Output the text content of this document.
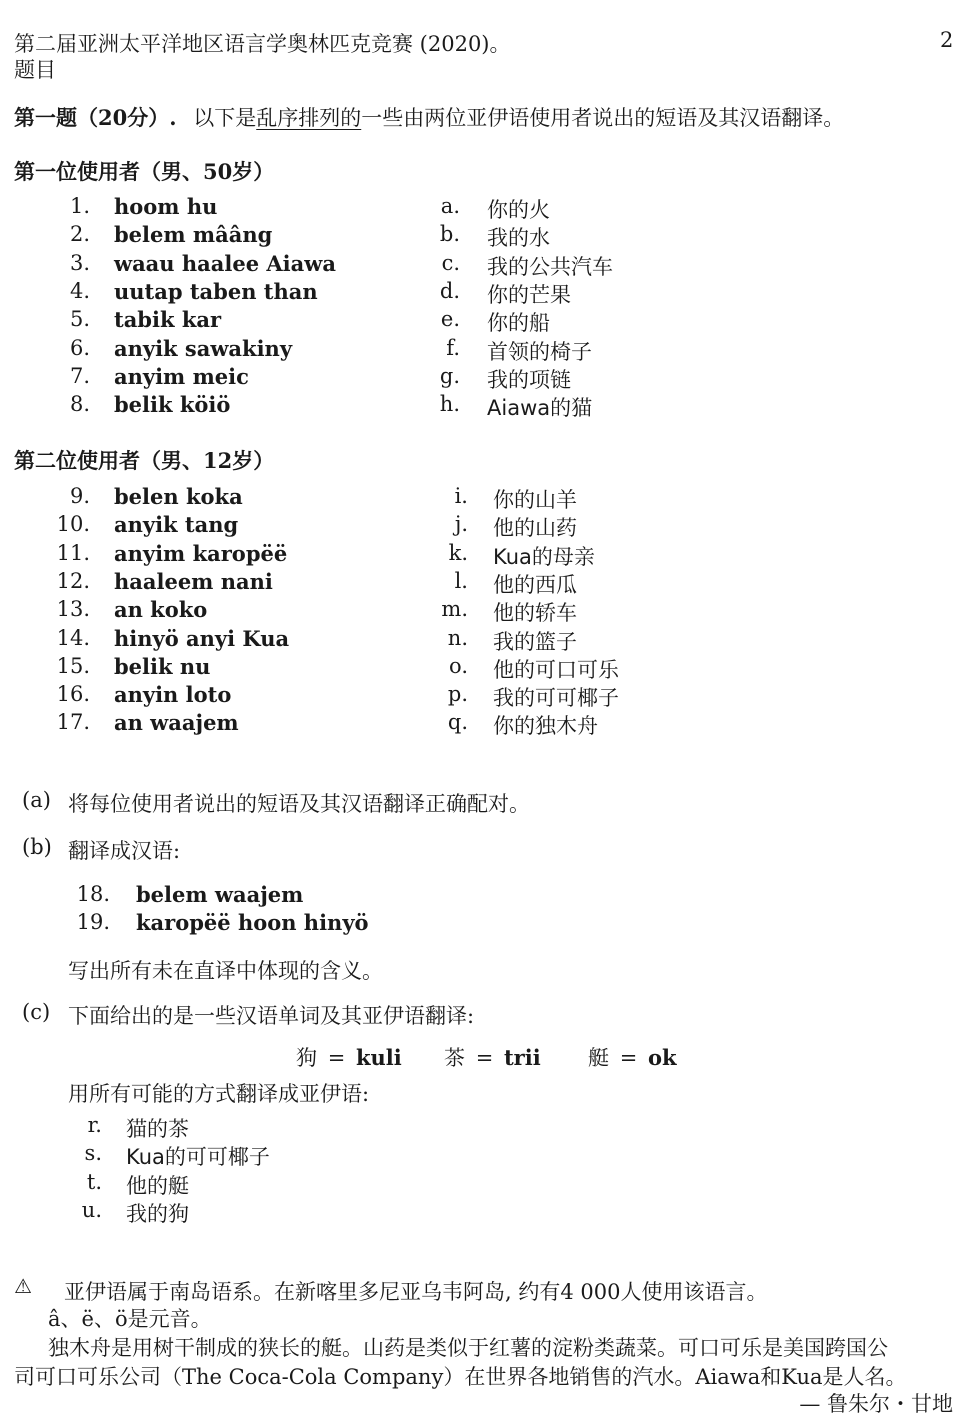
第二届亚洲太平洋地区语言学奥林匹克竞赛 (2020)。
题目
2
第一题（20分）. 以下是乱序排列的一些由两位亚伊语使用者说出的短语及其汉语翻译。
第一位使用者（男、50岁）
1. hoom hu
2. belem mââng
3. waau haalee Aiawa
4. uutap taben than
5. tabik kar
6. anyik sawakiny
7. anyim meic
8. belik köiö
a. 你的火
b. 我的水
c. 我的公共汽车
d. 你的芒果
e. 你的船
f. 首领的椅子
g. 我的项链
h. Aiawa的猫
第二位使用者（男、12岁）
9. belen koka
10. anyik tang
11. anyim karopëë
12. haaleem nani
13. an koko
14. hinyö anyi Kua
15. belik nu
16. anyin loto
17. an waajem
i. 你的山羊
j. 他的山药
k. Kua的母亲
l. 他的西瓜
m. 他的轿车
n. 我的篮子
o. 他的可口可乐
p. 我的可可椰子
q. 你的独木舟
(a) 将每位使用者说出的短语及其汉语翻译正确配对。
(b) 翻译成汉语:
18. belem waajem
19. karopëë hoon hinyö
写出所有未在直译中体现的含义。
(c) 下面给出的是一些汉语单词及其亚伊语翻译:
狗 = kuli 茶 = trii 艇 = ok
用所有可能的方式翻译成亚伊语:
r. 猫的茶
s. Kua的可可椰子
t. 他的艇
u. 我的狗
⚠ 亚伊语属于南岛语系。在新喀里多尼亚乌韦阿岛, 约有4 000人使用该语言。
â、ë、ö是元音。
独木舟是用树干制成的狭长的艇。山药是类似于红薯的淀粉类蔬菜。可口可乐是美国跨国公
司可口可乐公司（The Coca-Cola Company）在世界各地销售的汽水。Aiawa和Kua是人名。
— 鲁朱尔・甘地
